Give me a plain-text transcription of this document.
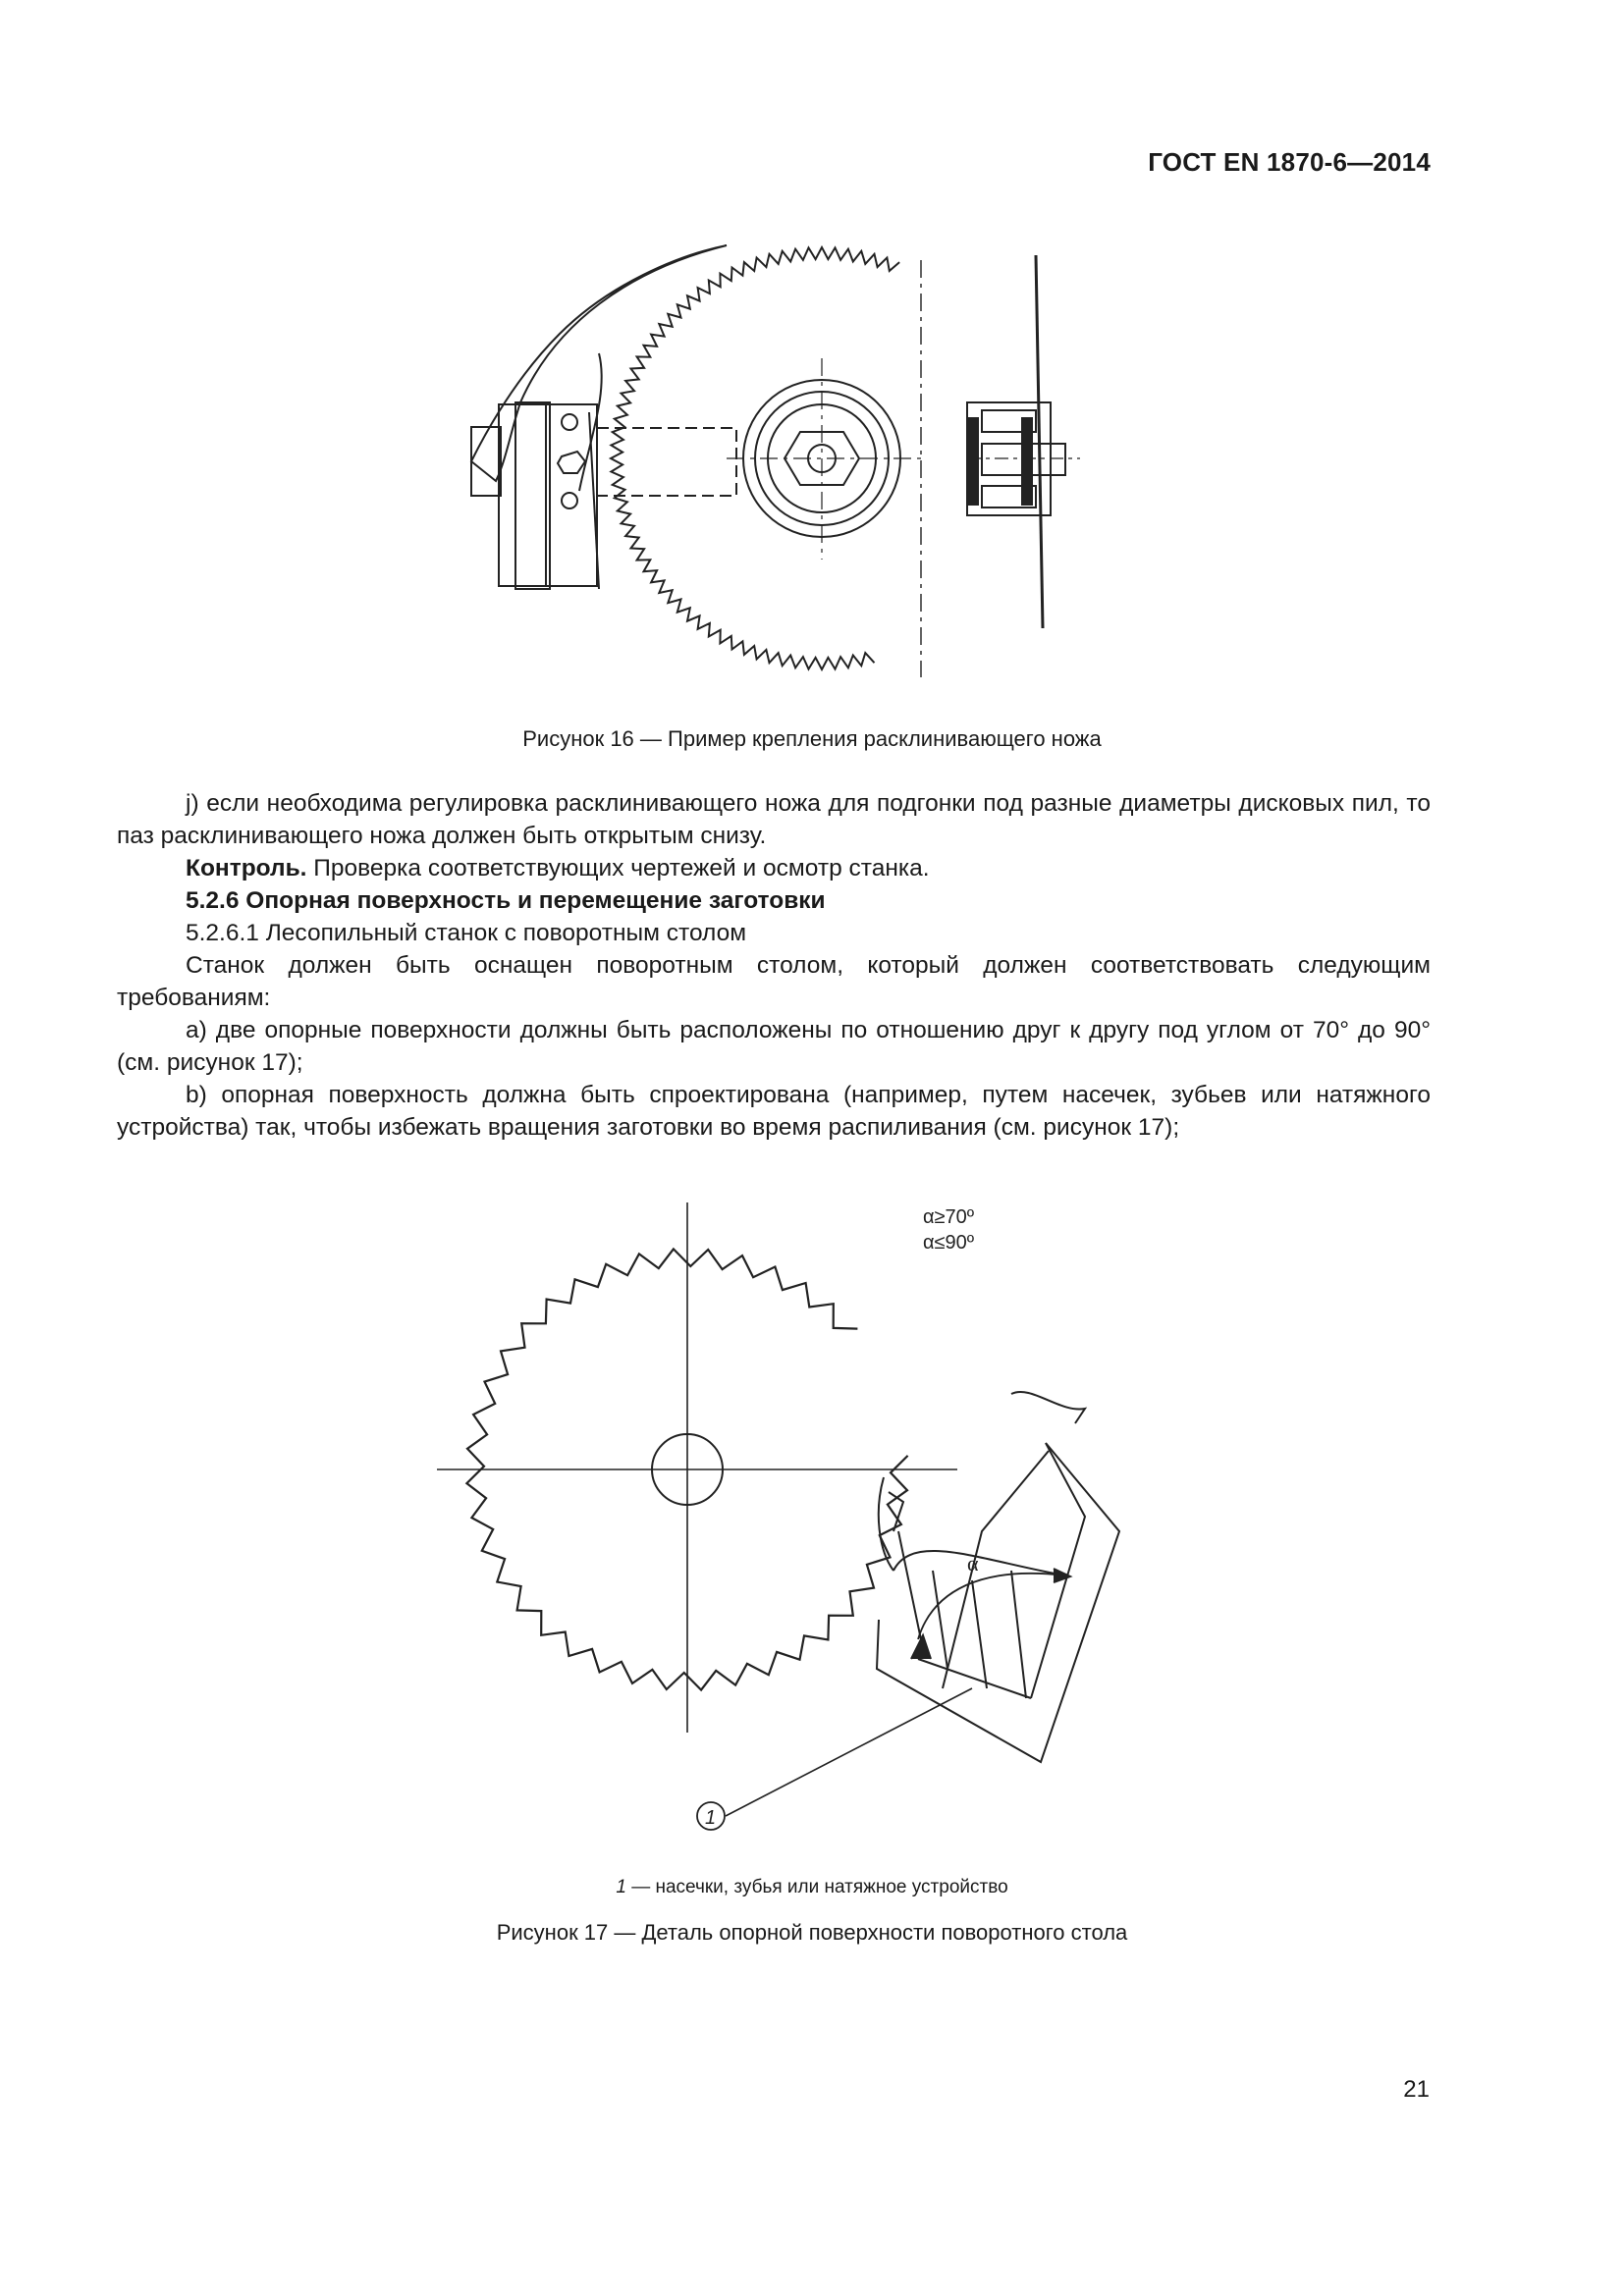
ГОСТ EN 1870-6—2014
Рисунок 16 — Пример крепления расклинивающего ножа

j) если необходима регулировка расклинивающего ножа для подгонки под разные диаметры дисковых пил, то паз расклинивающего ножа должен быть открытым снизу.

Контроль. Проверка соответствующих чертежей и осмотр станка.

5.2.6 Опорная поверхность и перемещение заготовки

5.2.6.1 Лесопильный станок с поворотным столом

Станок должен быть оснащен поворотным столом, который должен соответствовать следующим требованиям:

a) две опорные поверхности должны быть расположены по отношению друг к другу под углом от 70° до 90° (см. рисунок 17);

b) опорная поверхность должна быть спроектирована (например, путем насечек, зубьев или натяжного устройства) так, чтобы избежать вращения заготовки во время распиливания (см. рисунок 17);

α≥70º
α≤90º
α
1
1 — насечки, зубья или натяжное устройство
Рисунок 17 — Деталь опорной поверхности поворотного стола
21
